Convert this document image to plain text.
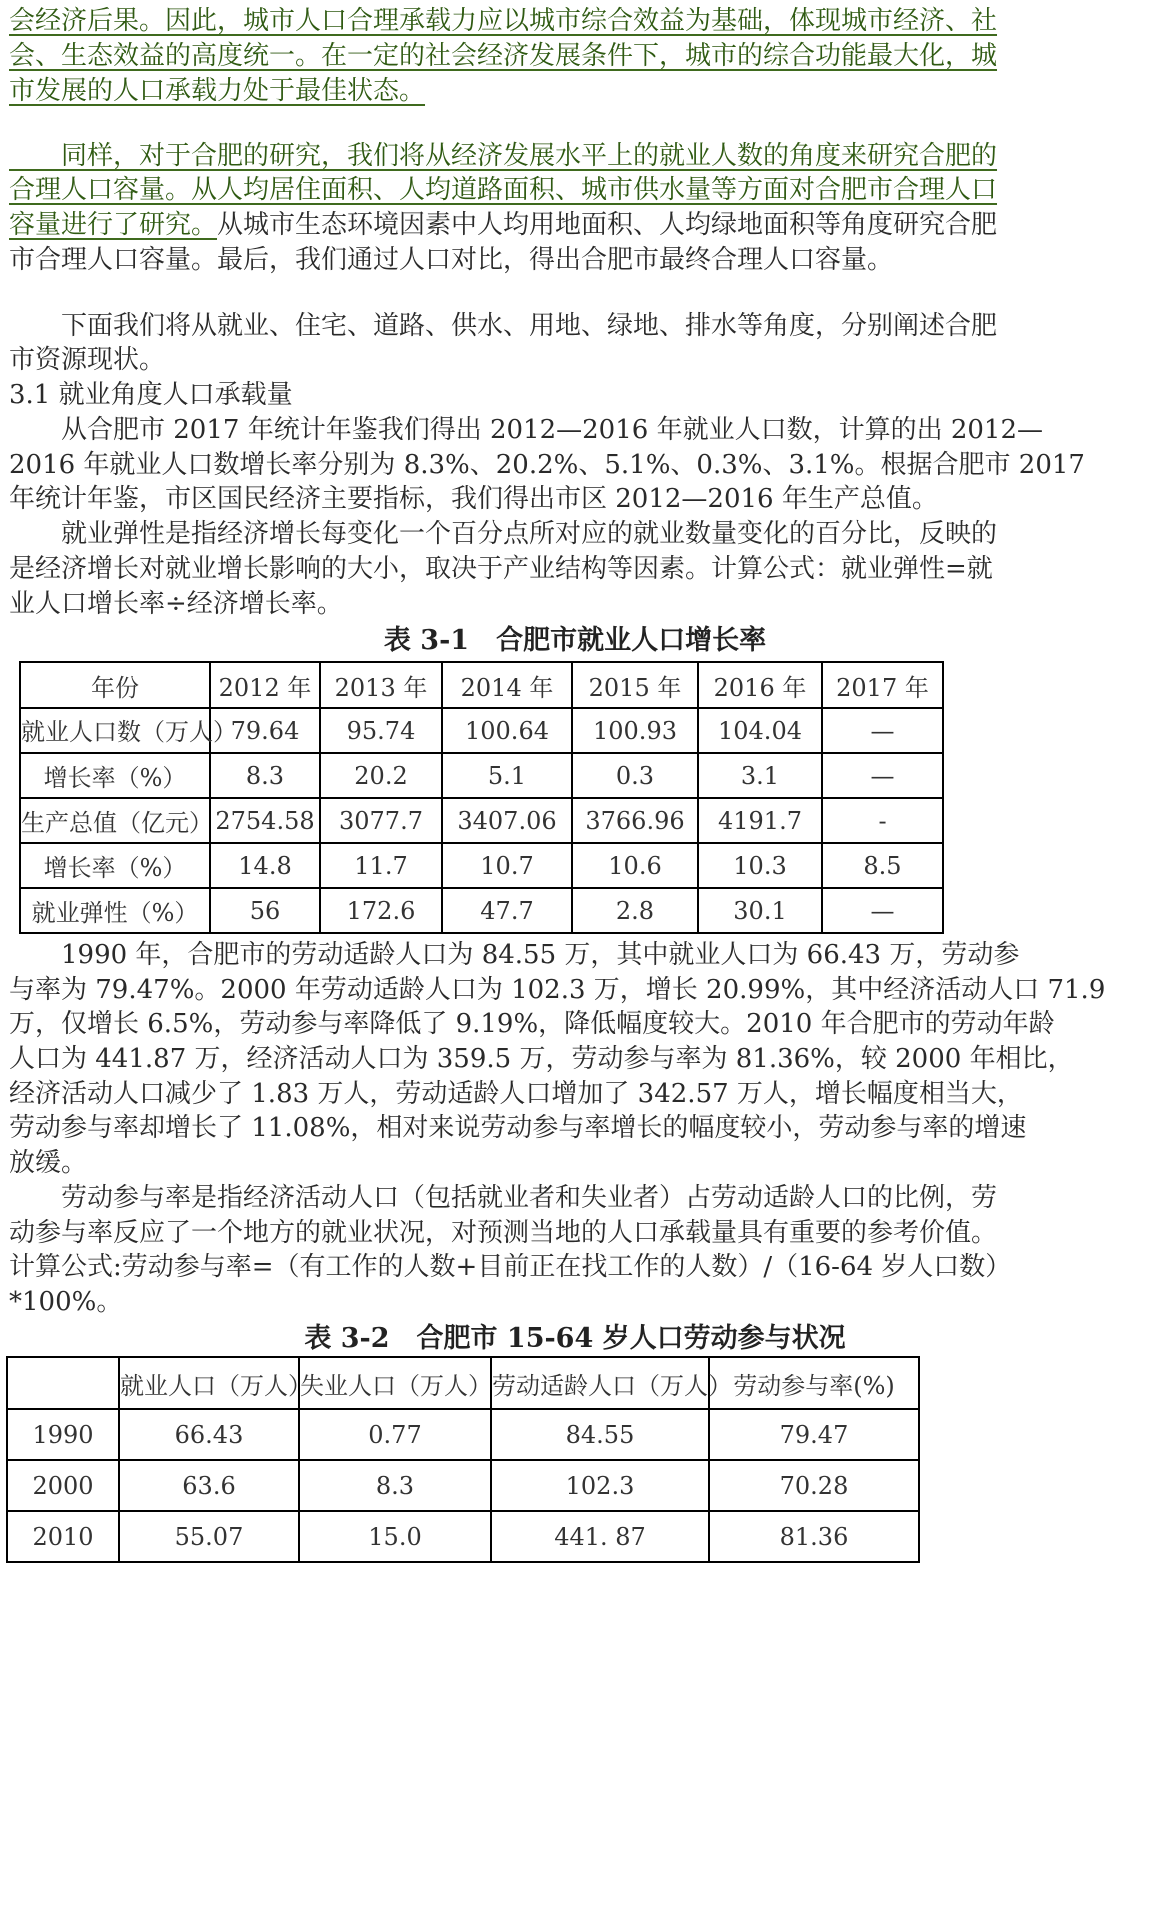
会经济后果。因此，城市人口合理承载力应以城市综合效益为基础，体现城市经济、社
会、生态效益的高度统一。在一定的社会经济发展条件下，城市的综合功能最大化，城
市发展的人口承载力处于最佳状态。
　　同样，对于合肥的研究，我们将从经济发展水平上的就业人数的角度来研究合肥的
合理人口容量。从人均居住面积、人均道路面积、城市供水量等方面对合肥市合理人口
容量进行了研究。从城市生态环境因素中人均用地面积、人均绿地面积等角度研究合肥
市合理人口容量。最后，我们通过人口对比，得出合肥市最终合理人口容量。
　　下面我们将从就业、住宅、道路、供水、用地、绿地、排水等角度，分别阐述合肥
市资源现状。
3.1 就业角度人口承载量
　　从合肥市 2017 年统计年鉴我们得出 2012—2016 年就业人口数，计算的出 2012—
2016 年就业人口数增长率分别为 8.3%、20.2%、5.1%、0.3%、3.1%。根据合肥市 2017
年统计年鉴，市区国民经济主要指标，我们得出市区 2012—2016 年生产总值。
　　就业弹性是指经济增长每变化一个百分点所对应的就业数量变化的百分比，反映的
是经济增长对就业增长影响的大小，取决于产业结构等因素。计算公式：就业弹性=就
业人口增长率÷经济增长率。
表 3-1　合肥市就业人口增长率
年份	2012 年	2013 年	2014 年	2015 年	2016 年	2017 年

就业人口数（万人）	79.64	95.74	100.64	100.93	104.04	—
增长率（%）	8.3	20.2	5.1	0.3	3.1	—
生产总值（亿元）	2754.58	3077.7	3407.06	3766.96	4191.7	-
增长率（%）	14.8	11.7	10.7	10.6	10.3	8.5
就业弹性（%）	56	172.6	47.7	2.8	30.1	—
　　1990 年，合肥市的劳动适龄人口为 84.55 万，其中就业人口为 66.43 万，劳动参
与率为 79.47%。2000 年劳动适龄人口为 102.3 万，增长 20.99%，其中经济活动人口 71.9
万，仅增长 6.5%，劳动参与率降低了 9.19%，降低幅度较大。2010 年合肥市的劳动年龄
人口为 441.87 万，经济活动人口为 359.5 万，劳动参与率为 81.36%，较 2000 年相比，
经济活动人口减少了 1.83 万人，劳动适龄人口增加了 342.57 万人，增长幅度相当大，
劳动参与率却增长了 11.08%，相对来说劳动参与率增长的幅度较小，劳动参与率的增速
放缓。
　　劳动参与率是指经济活动人口（包括就业者和失业者）占劳动适龄人口的比例，劳
动参与率反应了一个地方的就业状况，对预测当地的人口承载量具有重要的参考价值。
计算公式:劳动参与率=（有工作的人数+目前正在找工作的人数）/（16-64 岁人口数）
*100%。
表 3-2　合肥市 15-64 岁人口劳动参与状况

	就业人口（万人）	失业人口（万人）	劳动适龄人口（万人）	劳动参与率(%)

1990	66.43	0.77	84.55	79.47
2000	63.6	8.3	102.3	70.28
2010	55.07	15.0	441. 87	81.36
